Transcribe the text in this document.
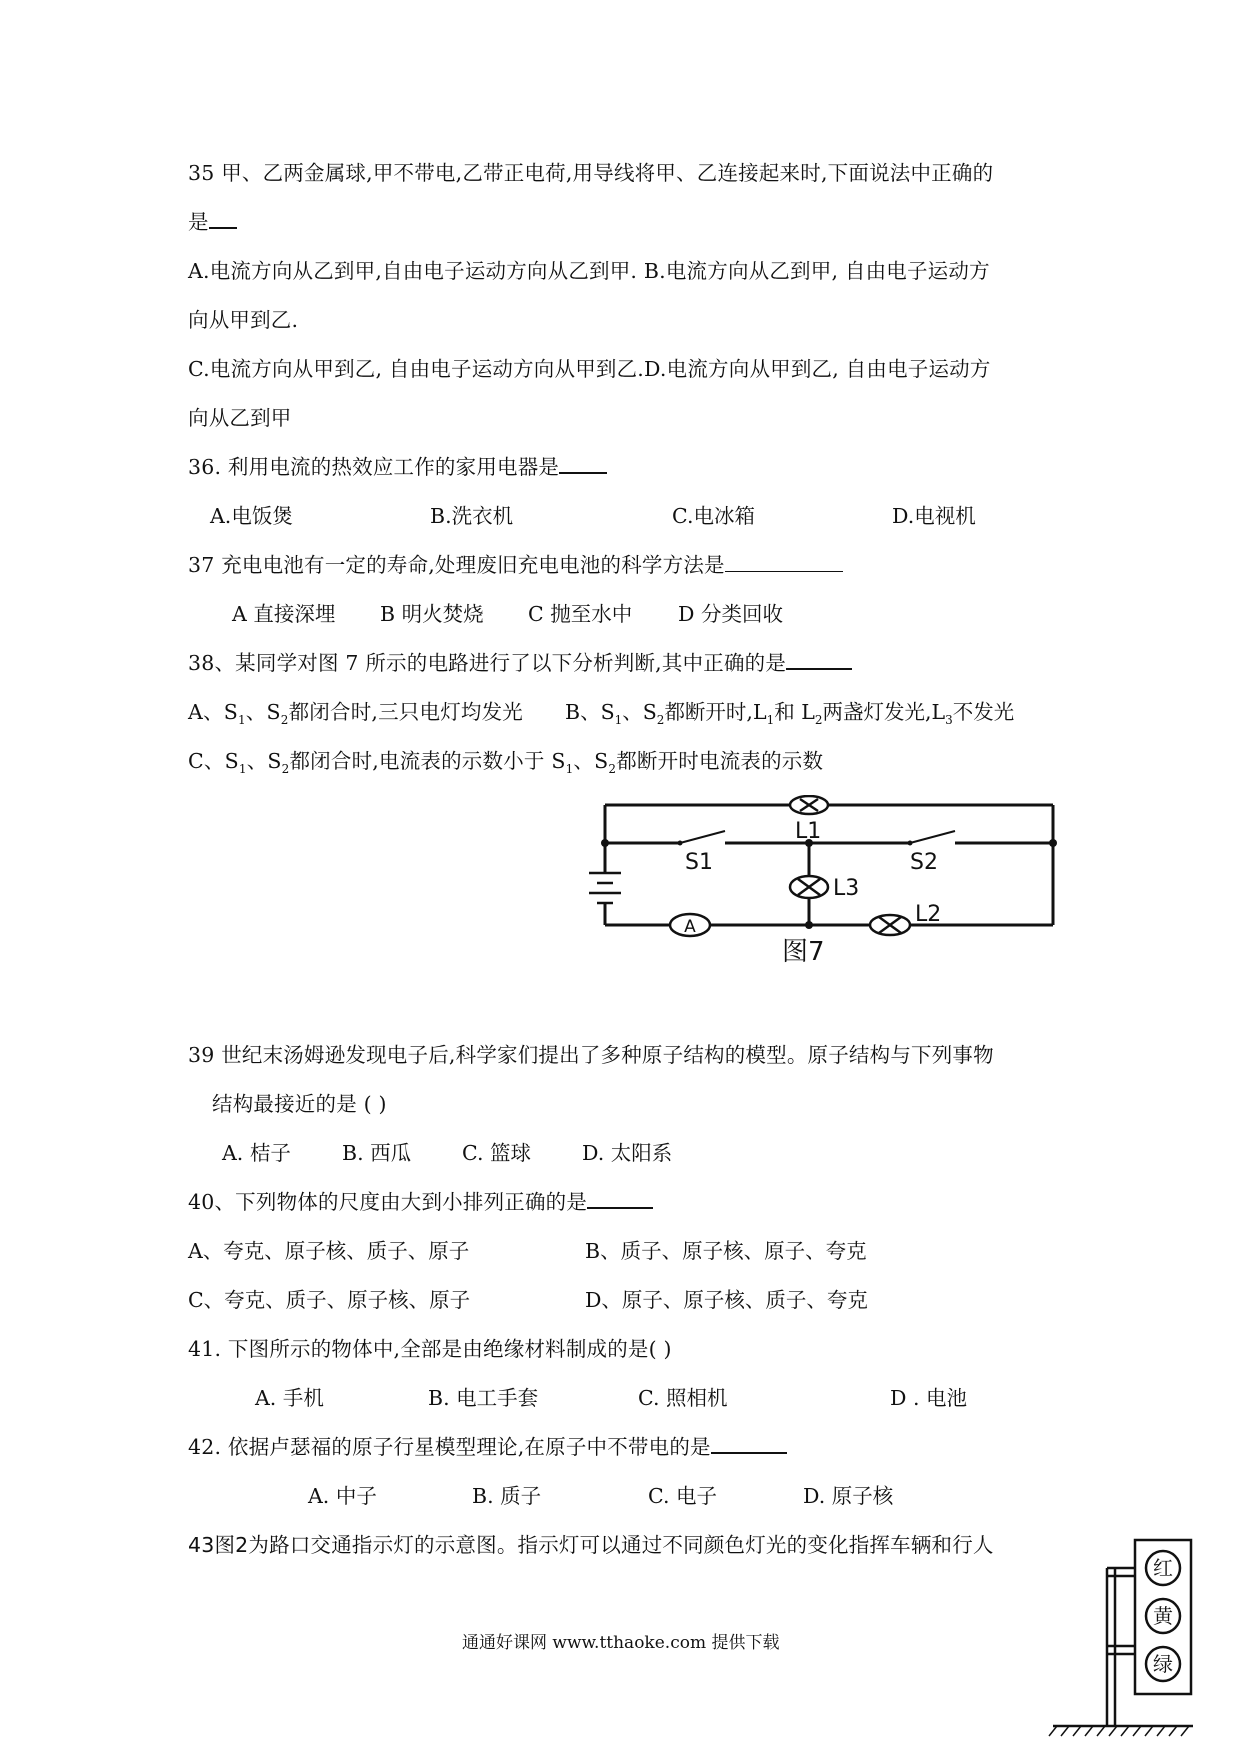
35 甲、乙两金属球,甲不带电,乙带正电荷,用导线将甲、乙连接起来时,下面说法中正确的
是
A.电流方向从乙到甲,自由电子运动方向从乙到甲. B.电流方向从乙到甲, 自由电子运动方
向从甲到乙.
C.电流方向从甲到乙, 自由电子运动方向从甲到乙.D.电流方向从甲到乙, 自由电子运动方
向从乙到甲
36. 利用电流的热效应工作的家用电器是
A.电饭煲	B.洗衣机	C.电冰箱	D.电视机
37 充电电池有一定的寿命,处理废旧充电电池的科学方法是
A 直接深埋 B 明火焚烧 C 抛至水中 D 分类回收
38、某同学对图 7 所示的电路进行了以下分析判断,其中正确的是
A、$S_1$、$S_2$都闭合时,三只电灯均发光 B、$S_1$、$S_2$都断开时$,L_1$和 $L_2$两盏灯发光$,L_3$不发光
C、$S_1$、$S_2$都闭合时,电流表的示数小于 $S_1$、$S_2$都断开时电流表的示数
A
L1
L3
L2
S1	S2
图7
39 世纪末汤姆逊发现电子后,科学家们提出了多种原子结构的模型。原子结构与下列事物
结构最接近的是 ( )
A. 桔子 B. 西瓜 C. 篮球 D. 太阳系
40、下列物体的尺度由大到小排列正确的是
A、夸克、原子核、质子、原子	B、质子、原子核、原子、夸克
C、夸克、质子、原子核、原子	D、原子、原子核、质子、夸克
41. 下图所示的物体中,全部是由绝缘材料制成的是( )
A. 手机	B. 电工手套	C. 照相机	D . 电池
42. 依据卢瑟福的原子行星模型理论,在原子中不带电的是
A. 中子	B. 质子	C. 电子	D. 原子核
43图2为路口交通指示灯的示意图。指示灯可以通过不同颜色灯光的变化指挥车辆和行人
红
黄
绿
通通好课网 www.tthaoke.com 提供下载
